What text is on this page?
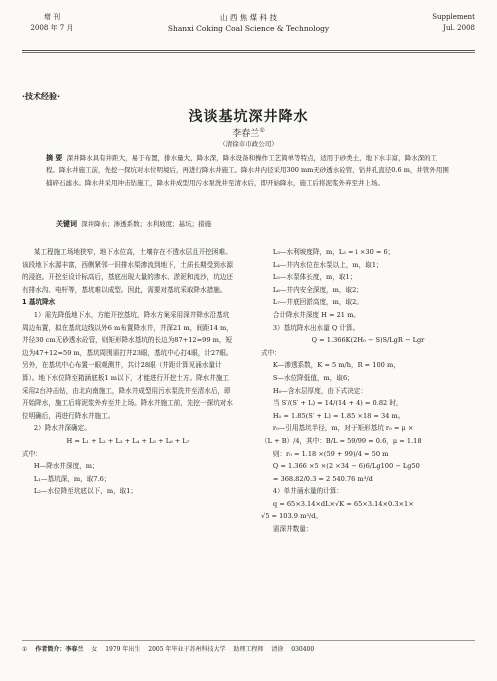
增 刊
2008 年 7 月
山 西 焦 煤 科 技
Shanxi Coking Coal Science & Technology
Supplement
Jul. 2008
·技术经验·
浅谈基坑深井降水
李春兰①
（清徐市市政公司）
摘 要 深井降水具有井距大，易于布置，排水量大，降水深，降水设备和操作工艺简单等特点，适用于砂类土，地下水丰富，降水深的工程。降水井施工前，先挖一探坑对水位明境后，再进行降水井施工。降水井内径采用300 mm无砂透水砼管，钻井孔直径0.6 m，井管外用围捕碎石滤水。降水井采用冲击钻施工，降水井成型用污水泵洗井至清水后，即开始降水，施工后将泥浆外弃至井上场。
关键词 深井降水；渗透系数；水利坡度；基坑；措施

某工程施工场地狭窄，地下水位高，土壤存在不透水层且开挖困难。该段地下水源丰富，西侧紧邻一旧排水渠渗流到地下，土质长期受到水源的浸泡。开挖至设计标高后，基底出现大量的渗水、淤泥和流沙，坑边还有排水沟、电杆等，基坑难以成型。因此，需要对基坑采取降水措施。

1 基坑降水

1）需先降低地下水，方能开挖基坑，降水方案采用深井降水沿基坑周边布置，拟在基坑边线以外6 m布置降水井，井深21 m，间距14 m，井径30 cm无砂透水砼管，则矩形降水基坑的长边为87+12=99 m，短边为47+12=59 m，基坑周围需打井23眼，基坑中心打4眼，计27眼。另外，在基坑中心布置一眼观测井，共计28眼（井距计算见涌水量计算）。地下水位降至箱涵底板1 m以下，才能进行开挖土方。降水井施工采用2台冲击钻，由北向南施工，降水井成型用污水泵洗井至清水后，即开始降水，施工后将泥浆外弃至井上场。降水井施工前，先挖一探坑对水位明确后，再进行降水井施工。

2）降水井深确定。

H = L₁ + L₂ + L₃ + L₄ + L₅ + L₆ + L₇

式中：

H—降水井深度，m；

L₁—基坑深，m，取7.6；

L₂—水位降至坑底以下，m，取1；

L₃—水利坡度降，m，L₃ = i ×30 = 6；

L₄—井内水位在水泵以上，m，取1；

L₅—水泵体长度，m，取1；

L₆—井内安全深度，m，取2；

L₇—井底回淤高度，m，取2。

合计降水井深度 H = 21 m。

3）基坑降水出水量 Q 计算。

Q = 1.366K(2H₀ − S)S/LgR − Lgr

式中：

K—渗透系数，K = 5 m/h，R = 100 m，

S—水位降低值，m，取6；

H₀—含水层厚度，由下式决定：

当 S′/(S′ + L) = 14/(14 + 4) = 0.82 时，

H₀ = 1.85(S′ + L) = 1.85 ×18 = 34 m。

r₀—引用基坑半径，m，对于矩形基坑 r₀ = μ ×

（L + B）/4，其中：B/L = 59/99 ≈ 0.6，μ = 1.18

则：r₀ = 1.18 ×(59 + 99)/4 = 50 m

Q = 1.366 ×5 ×(2 ×34 − 6)6/Lg100 − Lg50

= 368.82/0.3 = 2 540.76 m³/d

4）单井涌水量的计算：

q = 65×3.14×dL×√K = 65×3.14×0.3×1×

√5 = 103.9 m³/d。

需深井数量：

① 作者简介：李春兰 女 1979 年出生 2005 年毕业于苏州科技大学 助理工程师 清徐 030400
